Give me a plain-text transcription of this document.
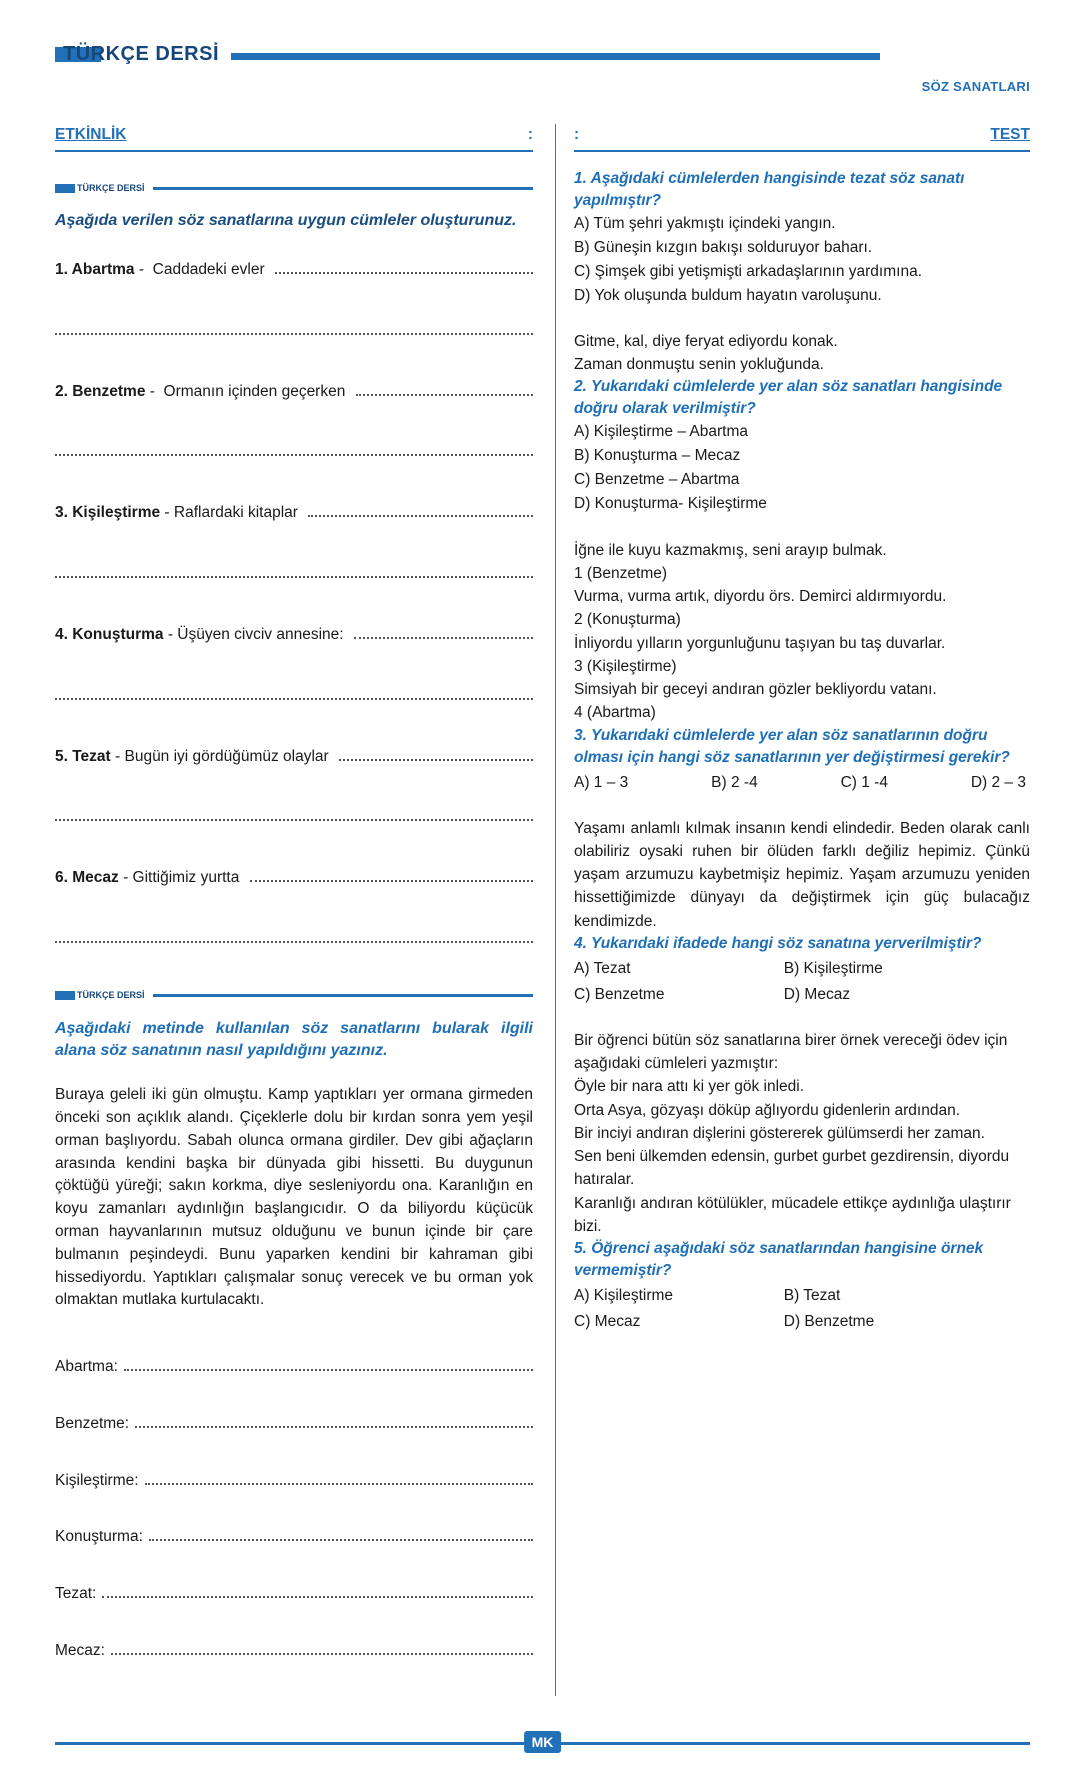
TÜRKÇE DERSİ
SÖZ SANATLARI
ETKİNLİK	:
TÜRKÇE DERSİ

Aşağıda verilen söz sanatlarına uygun cümleler oluşturunuz.

1. Abartma - Caddadeki evler
2. Benzetme - Ormanın içinden geçerken
3. Kişileştirme - Raflardaki kitaplar
4. Konuşturma - Üşüyen civciv annesine:
5. Tezat - Bugün iyi gördüğümüz olaylar
6. Mecaz - Gittiğimiz yurtta
TÜRKÇE DERSİ

Aşağıdaki metinde kullanılan söz sanatlarını bularak ilgili alana söz sanatının nasıl yapıldığını yazınız.

Buraya geleli iki gün olmuştu. Kamp yaptıkları yer ormana girmeden önceki son açıklık alandı. Çiçeklerle dolu bir kırdan sonra yem yeşil orman başlıyordu. Sabah olunca ormana girdiler. Dev gibi ağaçların arasında kendini başka bir dünyada gibi hissetti. Bu duygunun çöktüğü yüreği; sakın korkma, diye sesleniyordu ona. Karanlığın en koyu zamanları aydınlığın başlangıcıdır. O da biliyordu küçücük orman hayvanlarının mutsuz olduğunu ve bunun içinde bir çare bulmanın peşindeydi. Bunu yaparken kendini bir kahraman gibi hissediyordu. Yaptıkları çalışmalar sonuç verecek ve bu orman yok olmaktan mutlaka kurtulacaktı.

Abartma:
Benzetme:
Kişileştirme:
Konuşturma:
Tezat:
Mecaz:
:	TEST

1. Aşağıdaki cümlelerden hangisinde tezat söz sanatı yapılmıştır?

A) Tüm şehri yakmıştı içindeki yangın.
B) Güneşin kızgın bakışı solduruyor baharı.
C) Şimşek gibi yetişmişti arkadaşlarının yardımına.
D) Yok oluşunda buldum hayatın varoluşunu.
Gitme, kal, diye feryat ediyordu konak.
Zaman donmuştu senin yokluğunda.

2. Yukarıdaki cümlelerde yer alan söz sanatları hangisinde doğru olarak verilmiştir?

A) Kişileştirme – Abartma
B) Konuşturma – Mecaz
C) Benzetme – Abartma
D) Konuşturma- Kişileştirme
İğne ile kuyu kazmakmış, seni arayıp bulmak.
1 (Benzetme)
Vurma, vurma artık, diyordu örs. Demirci aldırmıyordu.
2 (Konuşturma)
İnliyordu yılların yorgunluğunu taşıyan bu taş duvarlar.
3 (Kişileştirme)
Simsiyah bir geceyi andıran gözler bekliyordu vatanı.
4 (Abartma)

3. Yukarıdaki cümlelerde yer alan söz sanatlarının doğru olması için hangi söz sanatlarının yer değiştirmesi gerekir?

A) 1 – 3	B) 2 -4	C) 1 -4	D) 2 – 3

Yaşamı anlamlı kılmak insanın kendi elindedir. Beden olarak canlı olabiliriz oysaki ruhen bir ölüden farklı değiliz hepimiz. Çünkü yaşam arzumuzu kaybetmişiz hepimiz. Yaşam arzumuzu yeniden hissettiğimizde dünyayı da değiştirmek için güç bulacağız kendimizde.

4. Yukarıdaki ifadede hangi söz sanatına yerverilmiştir?

A) Tezat	B) Kişileştirme
C) Benzetme	D) Mecaz
Bir öğrenci bütün söz sanatlarına birer örnek vereceği ödev için aşağıdaki cümleleri yazmıştır:
Öyle bir nara attı ki yer gök inledi.
Orta Asya, gözyaşı döküp ağlıyordu gidenlerin ardından.
Bir inciyi andıran dişlerini göstererek gülümserdi her zaman.
Sen beni ülkemden edensin, gurbet gurbet gezdirensin, diyordu hatıralar.
Karanlığı andıran kötülükler, mücadele ettikçe aydınlığa ulaştırır bizi.

5. Öğrenci aşağıdaki söz sanatlarından hangisine örnek vermemiştir?

A) Kişileştirme	B) Tezat
C) Mecaz	D) Benzetme
MK
